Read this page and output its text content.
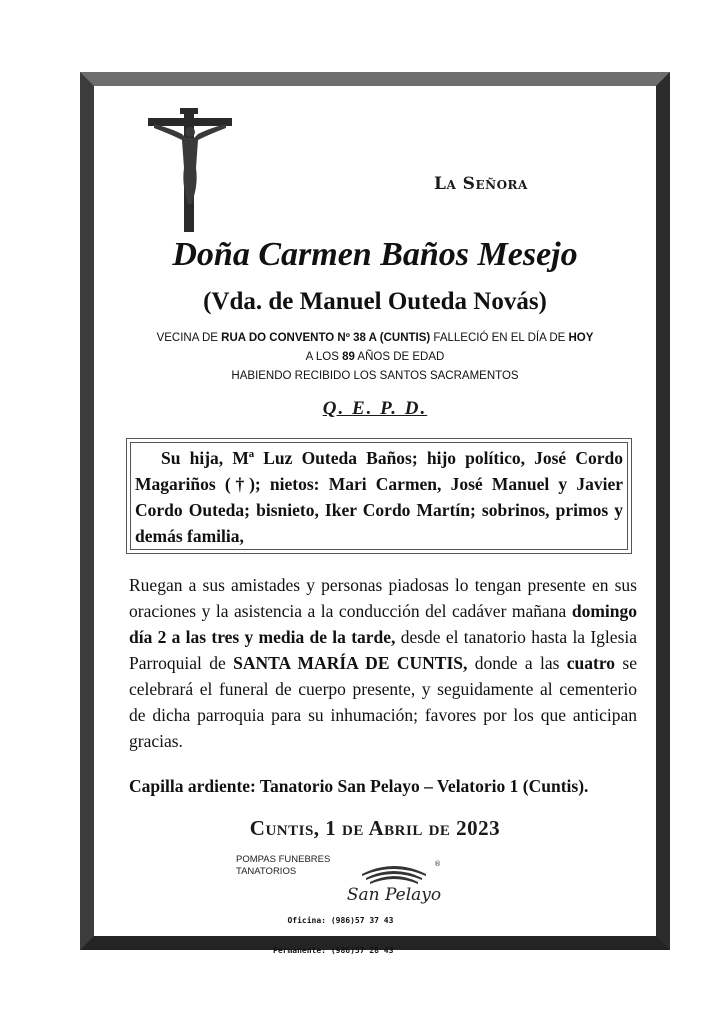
La Señora
Doña Carmen Baños Mesejo
(Vda. de Manuel Outeda Novás)
VECINA DE RUA DO CONVENTO Nº 38 A (CUNTIS) FALLECIÓ EN EL DÍA DE HOY
A LOS 89 AÑOS DE EDAD
HABIENDO RECIBIDO LOS SANTOS SACRAMENTOS
Q. E. P. D.
Su hija, Mª Luz Outeda Baños; hijo político, José Cordo Magariños (†); nietos: Mari Carmen, José Manuel y Javier Cordo Outeda; bisnieto, Iker Cordo Martín; sobrinos, primos y demás familia,
Ruegan a sus amistades y personas piadosas lo tengan presente en sus oraciones y la asistencia a la conducción del cadáver mañana domingo día 2 a las tres y media de la tarde, desde el tanatorio hasta la Iglesia Parroquial de SANTA MARÍA DE CUNTIS, donde a las cuatro se celebrará el funeral de cuerpo presente, y seguidamente al cementerio de dicha parroquia para su inhumación; favores por los que anticipan gracias.
Capilla ardiente: Tanatorio San Pelayo – Velatorio 1 (Cuntis).
Cuntis, 1 de Abril de 2023
POMPAS FUNEBRES
TANATORIOS
San Pelayo
®

Oficina: (986)57 37 43

Permanente: (986)57 28 43
